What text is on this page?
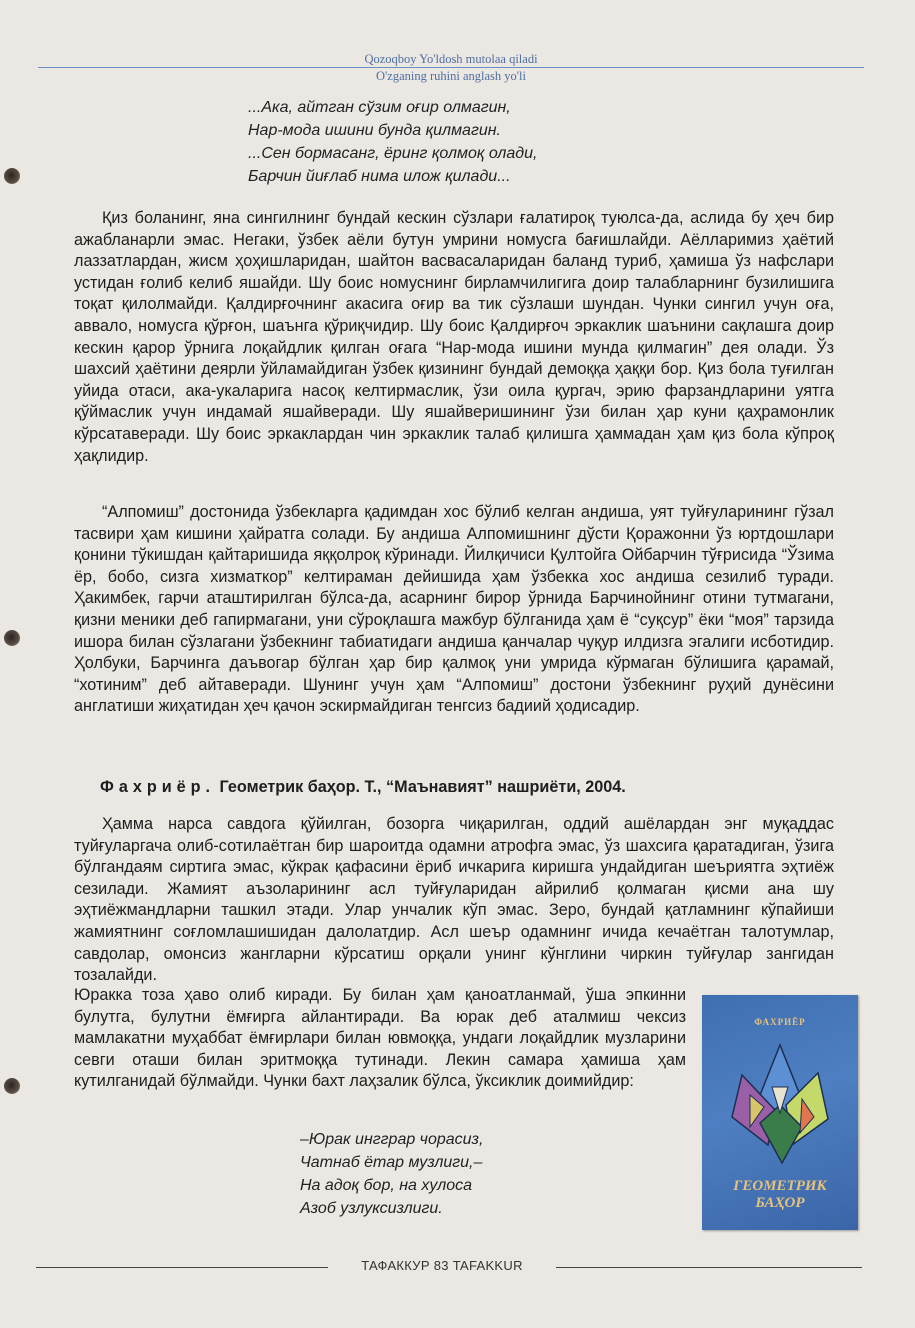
Qozoqboy Yo'ldosh mutolaa qiladi
O'zganing ruhini anglash yo'li
...Ака, айтган сўзим оғир олмагин,
Нар-мода ишини бунда қилмагин.
...Сен бормасанг, ёринг қолмоқ олади,
Барчин йиғлаб нима илож қилади...

Қиз боланинг, яна сингилнинг бундай кескин сўзлари ғалатироқ туюлса-да, аслида бу ҳеч бир ажабланарли эмас. Негаки, ўзбек аёли бутун умрини номусга бағишлайди. Аёлларимиз ҳаётий лаззатлардан, жисм ҳоҳишларидан, шайтон васвасаларидан баланд туриб, ҳамиша ўз нафслари устидан ғолиб келиб яшайди. Шу боис номуснинг бирламчилигига доир талабларнинг бузилишига тоқат қилолмайди. Қалдирғочнинг акасига оғир ва тик сўзлаши шундан. Чунки сингил учун оға, аввало, номусга қўрғон, шаънга қўриқчидир. Шу боис Қалдирғоч эркаклик шаънини сақлашга доир кескин қарор ўрнига лоқайдлик қилган оғага “Нар-мода ишини мунда қилмагин” дея олади. Ўз шахсий ҳаётини деярли ўйламайдиган ўзбек қизининг бундай демоққа ҳаққи бор. Қиз бола туғилган уйида отаси, ака-укаларига насоқ келтирмаслик, ўзи оила қургач, эрию фарзандларини уятга қўймаслик учун индамай яшайверади. Шу яшайверишининг ўзи билан ҳар куни қаҳрамонлик кўрсатаверади. Шу боис эркаклардан чин эркаклик талаб қилишга ҳаммадан ҳам қиз бола кўпроқ ҳақлидир.

“Алпомиш” достонида ўзбекларга қадимдан хос бўлиб келган андиша, уят туйғуларининг гўзал тасвири ҳам кишини ҳайратга солади. Бу андиша Алпомишнинг дўсти Қоражонни ўз юртдошлари қонини тўкишдан қайтаришида яққолроқ кўринади. Йилқичиси Қултойга Ойбарчин тўғрисида “Ўзима ёр, бобо, сизга хизматкор” келтираман дейишида ҳам ўзбекка хос андиша сезилиб туради. Ҳакимбек, гарчи аташтирилган бўлса-да, асарнинг бирор ўрнида Барчинойнинг отини тутмагани, қизни меники деб гапирмагани, уни сўроқлашга мажбур бўлганида ҳам ё “суқсур” ёки “моя” тарзида ишора билан сўзлагани ўзбекнинг табиатидаги андиша қанчалар чуқур илдизга эгалиги исботидир. Ҳолбуки, Барчинга даъвогар бўлган ҳар бир қалмоқ уни умрида кўрмаган бўлишига қарамай, “хотиним” деб айтаверади. Шунинг учун ҳам “Алпомиш” достони ўзбекнинг руҳий дунёсини англатиши жиҳатидан ҳеч қачон эскирмайдиган тенгсиз бадиий ҳодисадир.

Фахриёр. Геометрик баҳор. Т., “Маънавият” нашриёти, 2004.

Ҳамма нарса савдога қўйилган, бозорга чиқарилган, оддий ашёлардан энг муқаддас туйғуларгача олиб-сотилаётган бир шароитда одамни атрофга эмас, ўз шахсига қаратадиган, ўзига бўлгандаям сиртига эмас, кўкрак қафасини ёриб ичкарига киришга ундайдиган шеъриятга эҳтиёж сезилади. Жамият аъзоларининг асл туйғуларидан айрилиб қолмаган қисми ана шу эҳтиёжмандларни ташкил этади. Улар унчалик кўп эмас. Зеро, бундай қатламнинг кўпайиши жамиятнинг соғломлашишидан далолатдир. Асл шеър одамнинг ичида кечаётган талотумлар, савдолар, омонсиз жангларни кўрсатиш орқали унинг кўнглини чиркин туйғулар зангидан тозалайди.

Юракка тоза ҳаво олиб киради. Бу билан ҳам қаноатланмай, ўша эпкинни булутга, булутни ёмғирга айлантиради. Ва юрак деб аталмиш чексиз мамлакатни муҳаббат ёмғирлари билан ювмоққа, ундаги лоқайдлик музларини севги оташи билан эритмоққа тутинади. Лекин самара ҳамиша ҳам кутилганидай бўлмайди. Чунки бахт лаҳзалик бўлса, ўксиклик доимийдир:

–Юрак ингграр чорасиз,
Чатнаб ётар музлиги,–
На адоқ бор, на хулоса
Азоб узлуксизлиги.
ФАХРИЁР
ГЕОМЕТРИК
БАҲОР
ТАФАККУР 83 TAFAKKUR
